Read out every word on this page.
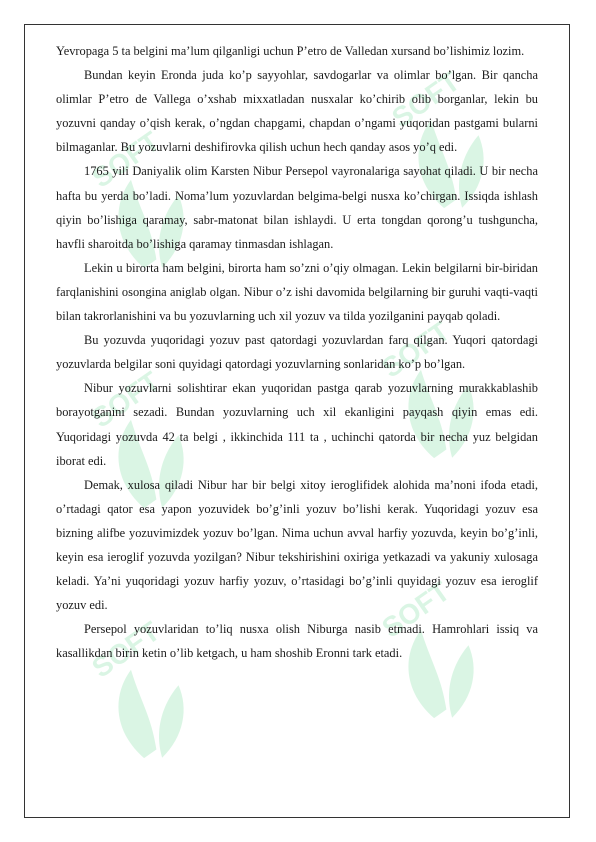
SOFT
SOFT
SOFT
SOFT
SOFT
SOFT

Yevropaga 5 ta belgini ma’lum qilganligi uchun P’etro de Valledan xursand bo’lishimiz lozim.

Bundan keyin Eronda juda ko’p sayyohlar, savdogarlar va olimlar bo’lgan. Bir qancha olimlar P’etro de Vallega o’xshab mixxatladan nusxalar ko’chirib olib borganlar, lekin bu yozuvni qanday o’qish kerak, o’ngdan chapgami, chapdan o’ngami yuqoridan pastgami bularni bilmaganlar. Bu yozuvlarni deshifirovka qilish uchun hech qanday asos yo’q edi.

1765 yili Daniyalik olim Karsten Nibur Persepol vayronalariga sayohat qiladi. U bir necha hafta bu yerda bo’ladi. Noma’lum yozuvlardan belgima-belgi nusxa ko’chirgan. Issiqda ishlash qiyin bo’lishiga qaramay, sabr-matonat bilan ishlaydi. U erta tongdan qorong’u tushguncha, havfli sharoitda bo’lishiga qaramay tinmasdan ishlagan.

Lekin u birorta ham belgini, birorta ham so’zni o’qiy olmagan. Lekin belgilarni bir-biridan farqlanishini osongina aniglab olgan. Nibur o’z ishi davomida belgilarning bir guruhi vaqti-vaqti bilan takrorlanishini va bu yozuvlarning uch xil yozuv va tilda yozilganini payqab qoladi.

Bu yozuvda yuqoridagi yozuv past qatordagi yozuvlardan farq qilgan. Yuqori qatordagi yozuvlarda belgilar soni quyidagi qatordagi yozuvlarning sonlaridan ko’p bo’lgan.

Nibur yozuvlarni solishtirar ekan yuqoridan pastga qarab yozuvlarning murakkablashib borayotganini sezadi. Bundan yozuvlarning uch xil ekanligini payqash qiyin emas edi. Yuqoridagi yozuvda 42 ta belgi , ikkinchida 111 ta , uchinchi qatorda bir necha yuz belgidan iborat edi.

Demak, xulosa qiladi Nibur har bir belgi xitoy ieroglifidek alohida ma’noni ifoda etadi, o’rtadagi qator esa yapon yozuvidek bo’g’inli yozuv bo’lishi kerak. Yuqoridagi yozuv esa bizning alifbe yozuvimizdek yozuv bo’lgan. Nima uchun avval harfiy yozuvda, keyin bo’g’inli, keyin esa ieroglif yozuvda yozilgan? Nibur tekshirishini oxiriga yetkazadi va yakuniy xulosaga keladi. Ya’ni yuqoridagi yozuv harfiy yozuv, o’rtasidagi bo’g’inli quyidagi yozuv esa ieroglif yozuv edi.

Persepol yozuvlaridan to’liq nusxa olish Niburga nasib etmadi. Hamrohlari issiq va kasallikdan birin ketin o’lib ketgach, u ham shoshib Eronni tark etadi.
